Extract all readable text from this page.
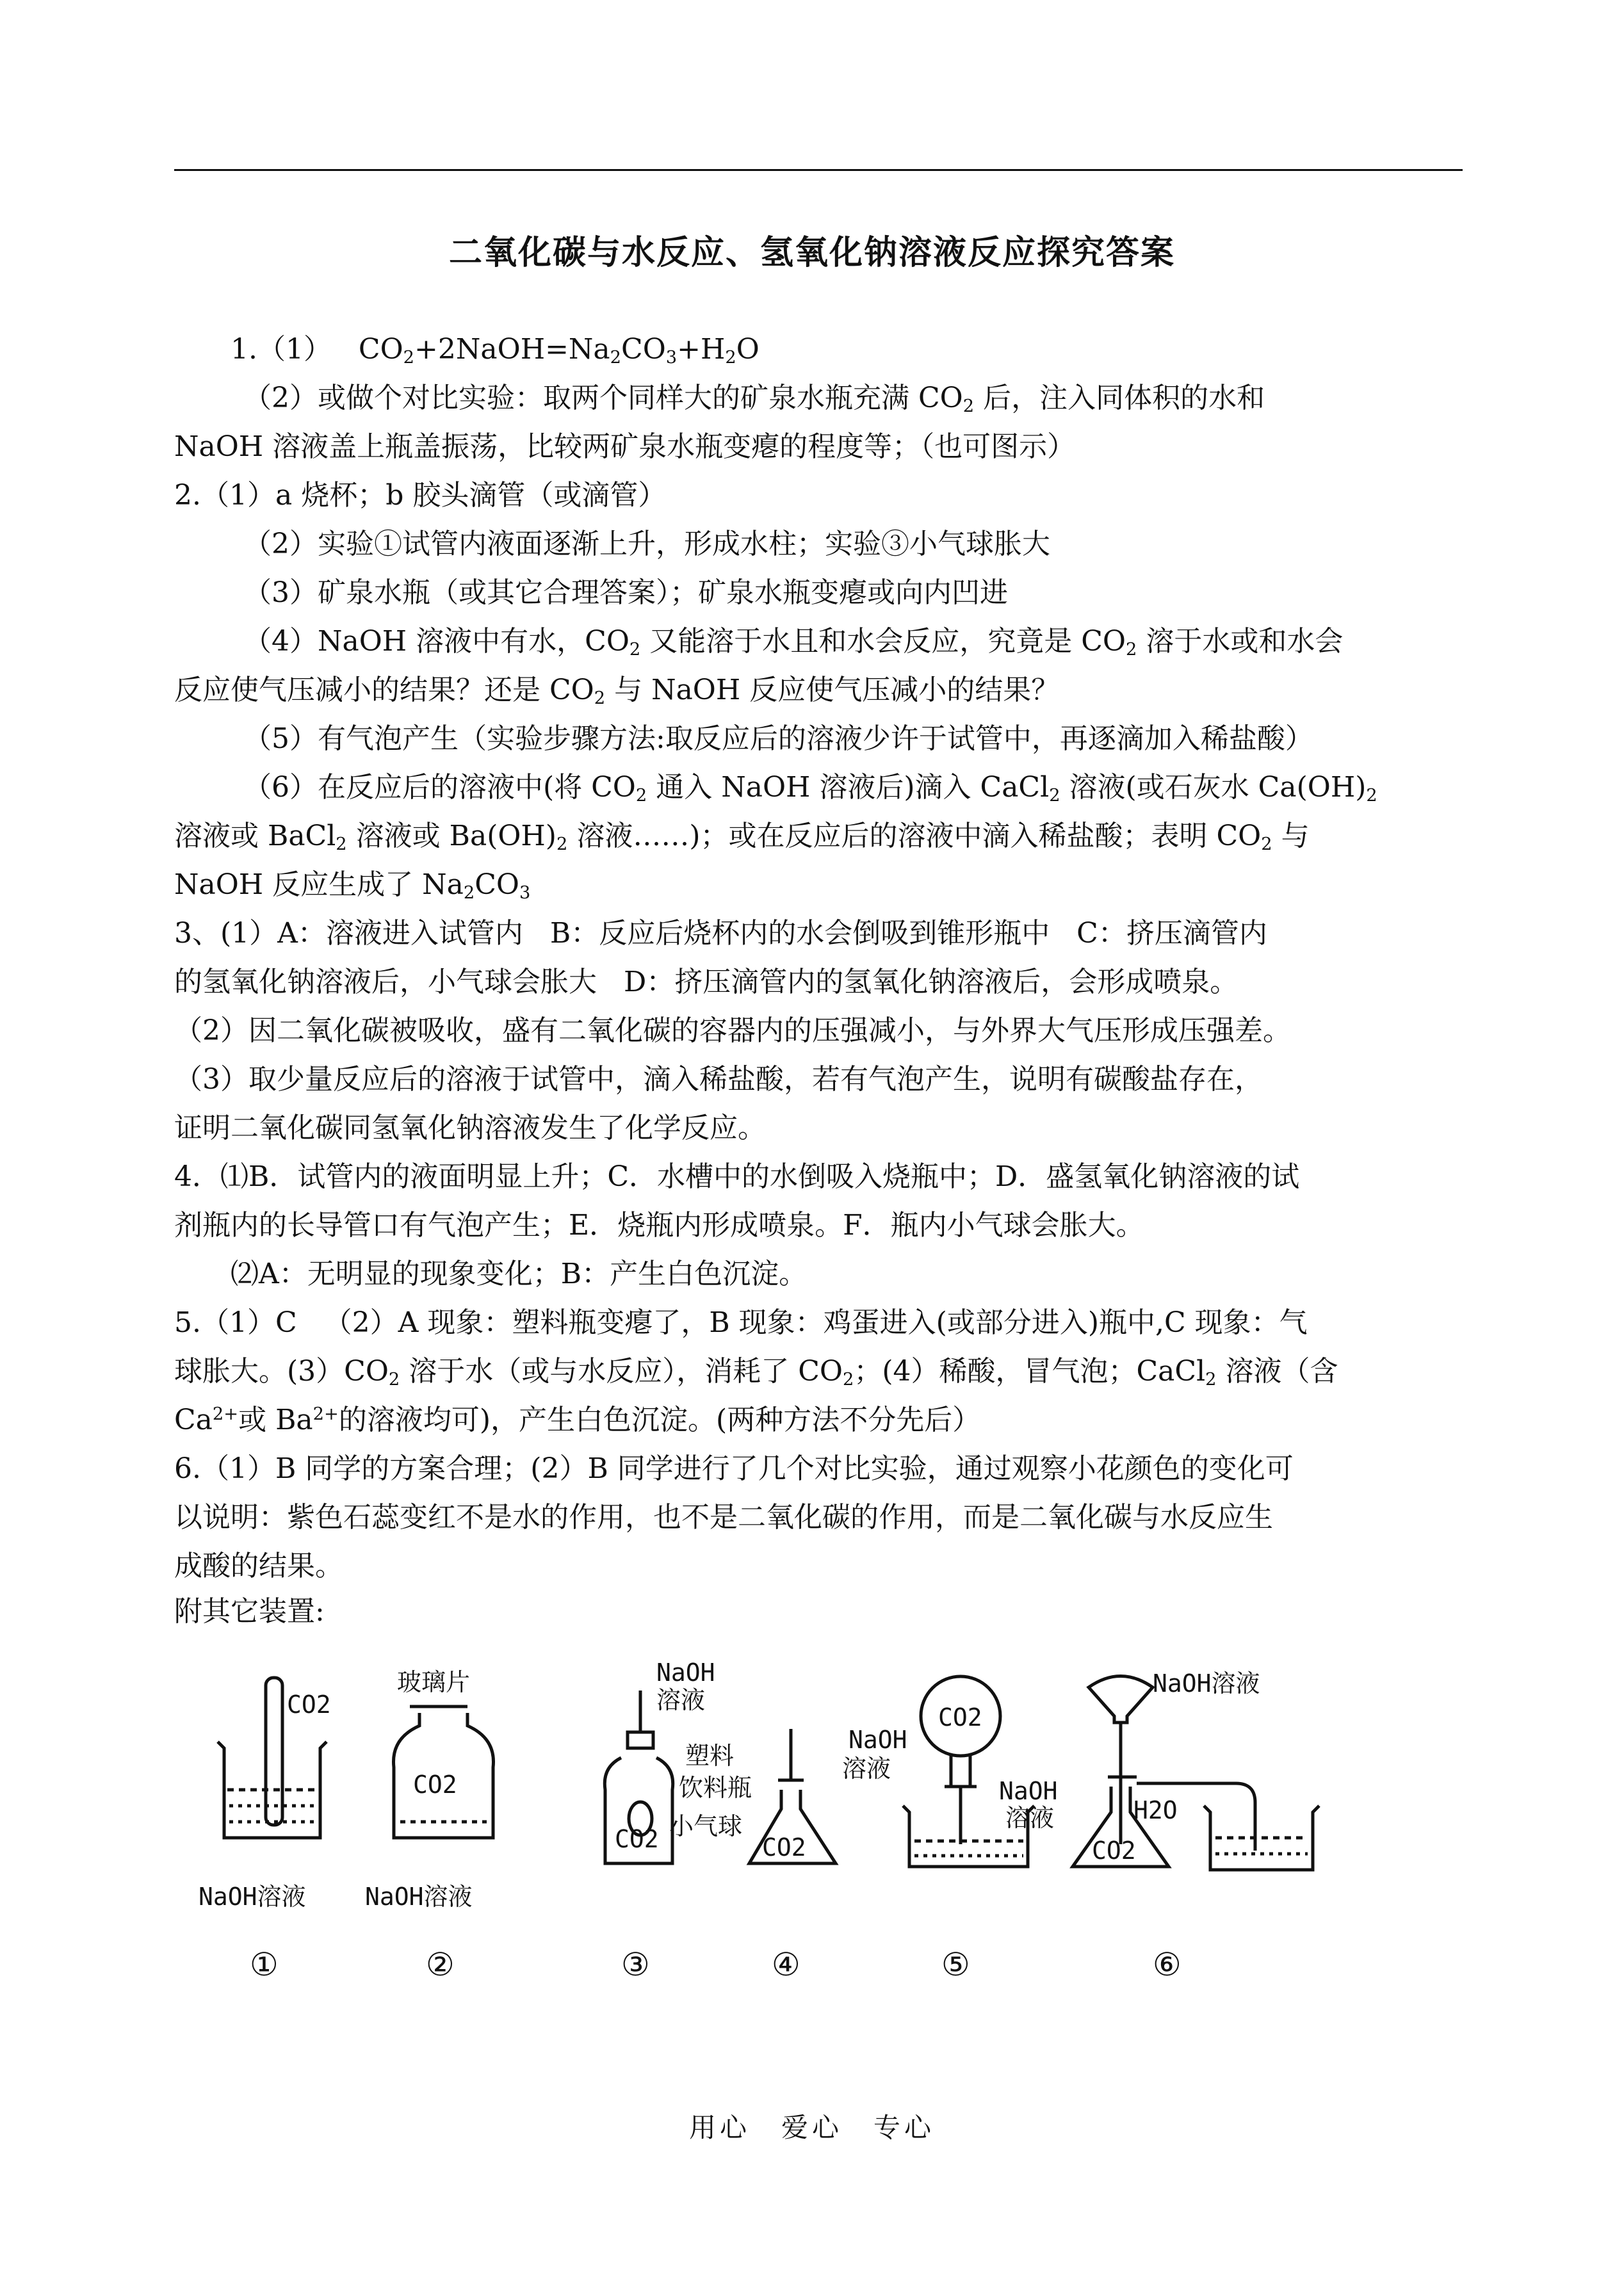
二氧化碳与水反应、氢氧化钠溶液反应探究答案

1.（1）   $CO_2+2NaOH=Na_2CO_3+H_2O$

（2）或做个对比实验：取两个同样大的矿泉水瓶充满 $CO_2$ 后，注入同体积的水和

NaOH 溶液盖上瓶盖振荡，比较两矿泉水瓶变瘪的程度等；（也可图示）

2.（1）a 烧杯；b 胶头滴管（或滴管）

（2）实验①试管内液面逐渐上升，形成水柱；实验③小气球胀大

（3）矿泉水瓶（或其它合理答案）；矿泉水瓶变瘪或向内凹进

（4）NaOH 溶液中有水，$CO_2$ 又能溶于水且和水会反应，究竟是 $CO_2$ 溶于水或和水会

反应使气压减小的结果？还是 $CO_2$ 与 NaOH 反应使气压减小的结果？

（5）有气泡产生（实验步骤方法:取反应后的溶液少许于试管中，再逐滴加入稀盐酸）

（6）在反应后的溶液中(将 $CO_2$ 通入 NaOH 溶液后)滴入 CaCl$_2$ 溶液(或石灰水 $Ca(OH)_2$

溶液或 BaCl$_2$ 溶液或 $Ba(OH)_2$ 溶液……)；或在反应后的溶液中滴入稀盐酸；表明 $CO_2$ 与

NaOH 反应生成了 $Na_2CO_3$

3、(1）A：溶液进入试管内   B：反应后烧杯内的水会倒吸到锥形瓶中   C：挤压滴管内

的氢氧化钠溶液后，小气球会胀大   D：挤压滴管内的氢氧化钠溶液后，会形成喷泉。

（2）因二氧化碳被吸收，盛有二氧化碳的容器内的压强减小，与外界大气压形成压强差。

（3）取少量反应后的溶液于试管中，滴入稀盐酸，若有气泡产生，说明有碳酸盐存在，

证明二氧化碳同氢氧化钠溶液发生了化学反应。

4．⑴B．试管内的液面明显上升；C．水槽中的水倒吸入烧瓶中；D．盛氢氧化钠溶液的试

剂瓶内的长导管口有气泡产生；E．烧瓶内形成喷泉。F．瓶内小气球会胀大。

⑵A：无明显的现象变化；B：产生白色沉淀。

5.（1）C   （2）A 现象：塑料瓶变瘪了，B 现象：鸡蛋进入(或部分进入)瓶中,C 现象：气

球胀大。$(3)CO_2$ 溶于水（或与水反应），消耗了 $CO_2$；(4）稀酸，冒气泡；CaCl$_2$ 溶液（含

$Ca^{2+}$或 $Ba^{2+}$的溶液均可)，产生白色沉淀。(两种方法不分先后）

6.（1）B 同学的方案合理；(2）B 同学进行了几个对比实验，通过观察小花颜色的变化可

以说明：紫色石蕊变红不是水的作用，也不是二氧化碳的作用，而是二氧化碳与水反应生

成酸的结果。

附其它装置:
CO2
NaOH溶液
①
玻璃片
CO2
NaOH溶液
②
NaOH
溶液
塑料
饮料瓶
CO2 小气球
③
NaOH
溶液
CO2
④
CO2
NaOH
溶液
⑤
NaOH溶液
H2O
CO2
⑥
用心　爱心　专心
